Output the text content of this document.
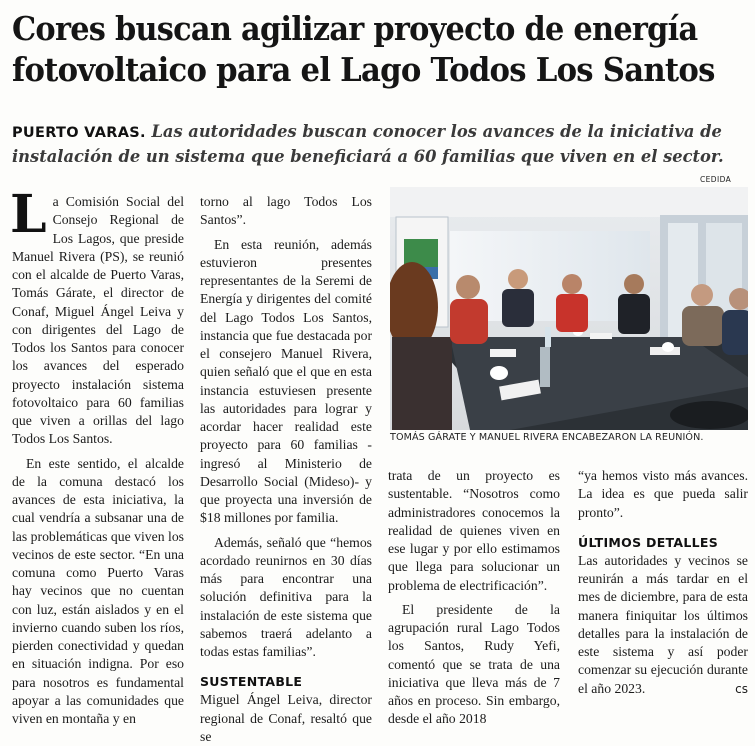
Cores buscan agilizar proyecto de energía
fotovoltaico para el Lago Todos Los Santos
PUERTO VARAS. Las autoridades buscan conocer los avances de la iniciativa de instalación de un sistema que beneficiará a 60 familias que viven en el sector.
L a Comisión Social del Consejo Regional de Los Lagos, que preside Manuel Rivera (PS), se reunió con el alcalde de Puerto Varas, Tomás Gárate, el director de Conaf, Miguel Ángel Leiva y con dirigentes del Lago de Todos los Santos para conocer los avances del esperado proyecto instalación sistema fotovoltaico para 60 familias que viven a orillas del lago Todos Los Santos.

En este sentido, el alcalde de la comuna destacó los avances de esta iniciativa, la cual vendría a subsanar una de las problemáticas que viven los vecinos de este sector. “En una comuna como Puerto Varas hay vecinos que no cuentan con luz, están aislados y en el invierno cuando suben los ríos, pierden conectividad y quedan en situación indigna. Por eso para nosotros es fundamental apoyar a las comunidades que viven en montaña y en

torno al lago Todos Los Santos”.

En esta reunión, además estuvieron presentes representantes de la Seremi de Energía y dirigentes del comité del Lago Todos Los Santos, instancia que fue destacada por el consejero Manuel Rivera, quien señaló que el que en esta instancia estuviesen presente las autoridades para lograr y acordar hacer realidad este proyecto para 60 familias - ingresó al Ministerio de Desarrollo Social (Mideso)- y que proyecta una inversión de $18 millones por familia.

Además, señaló que “hemos acordado reunirnos en 30 días más para encontrar una solución definitiva para la instalación de este sistema que sabemos traerá adelanto a todas estas familias”.

SUSTENTABLE

Miguel Ángel Leiva, director regional de Conaf, resaltó que se

CEDIDA
TOMÁS GÁRATE Y MANUEL RIVERA ENCABEZARON LA REUNIÓN.

trata de un proyecto es sustentable. “Nosotros como administradores conocemos la realidad de quienes viven en ese lugar y por ello estimamos que llega para solucionar un problema de electrificación”.

El presidente de la agrupación rural Lago Todos los Santos, Rudy Yefi, comentó que se trata de una iniciativa que lleva más de 7 años en proceso. Sin embargo, desde el año 2018

“ya hemos visto más avances. La idea es que pueda salir pronto”.

ÚLTIMOS DETALLES

Las autoridades y vecinos se reunirán a más tardar en el mes de diciembre, para de esta manera finiquitar los últimos detalles para la instalación de este sistema y así poder comenzar su ejecución durante el año 2023.	cs
